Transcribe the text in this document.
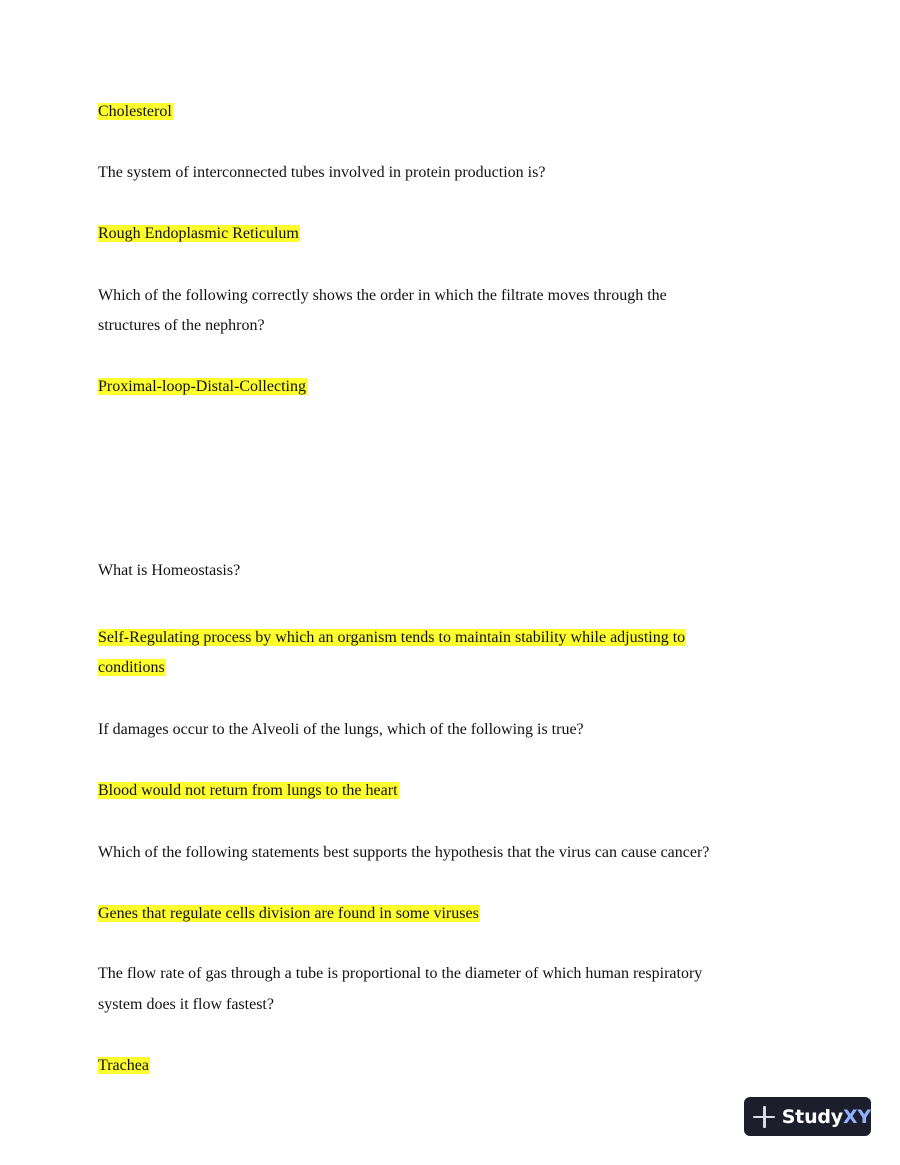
Cholesterol
The system of interconnected tubes involved in protein production is?
Rough Endoplasmic Reticulum
Which of the following correctly shows the order in which the filtrate moves through the
structures of the nephron?
Proximal-loop-Distal-Collecting
What is Homeostasis?
Self-Regulating process by which an organism tends to maintain stability while adjusting to
conditions
If damages occur to the Alveoli of the lungs, which of the following is true?
Blood would not return from lungs to the heart
Which of the following statements best supports the hypothesis that the virus can cause cancer?
Genes that regulate cells division are found in some viruses
The flow rate of gas through a tube is proportional to the diameter of which human respiratory
system does it flow fastest?
Trachea
StudyXY
